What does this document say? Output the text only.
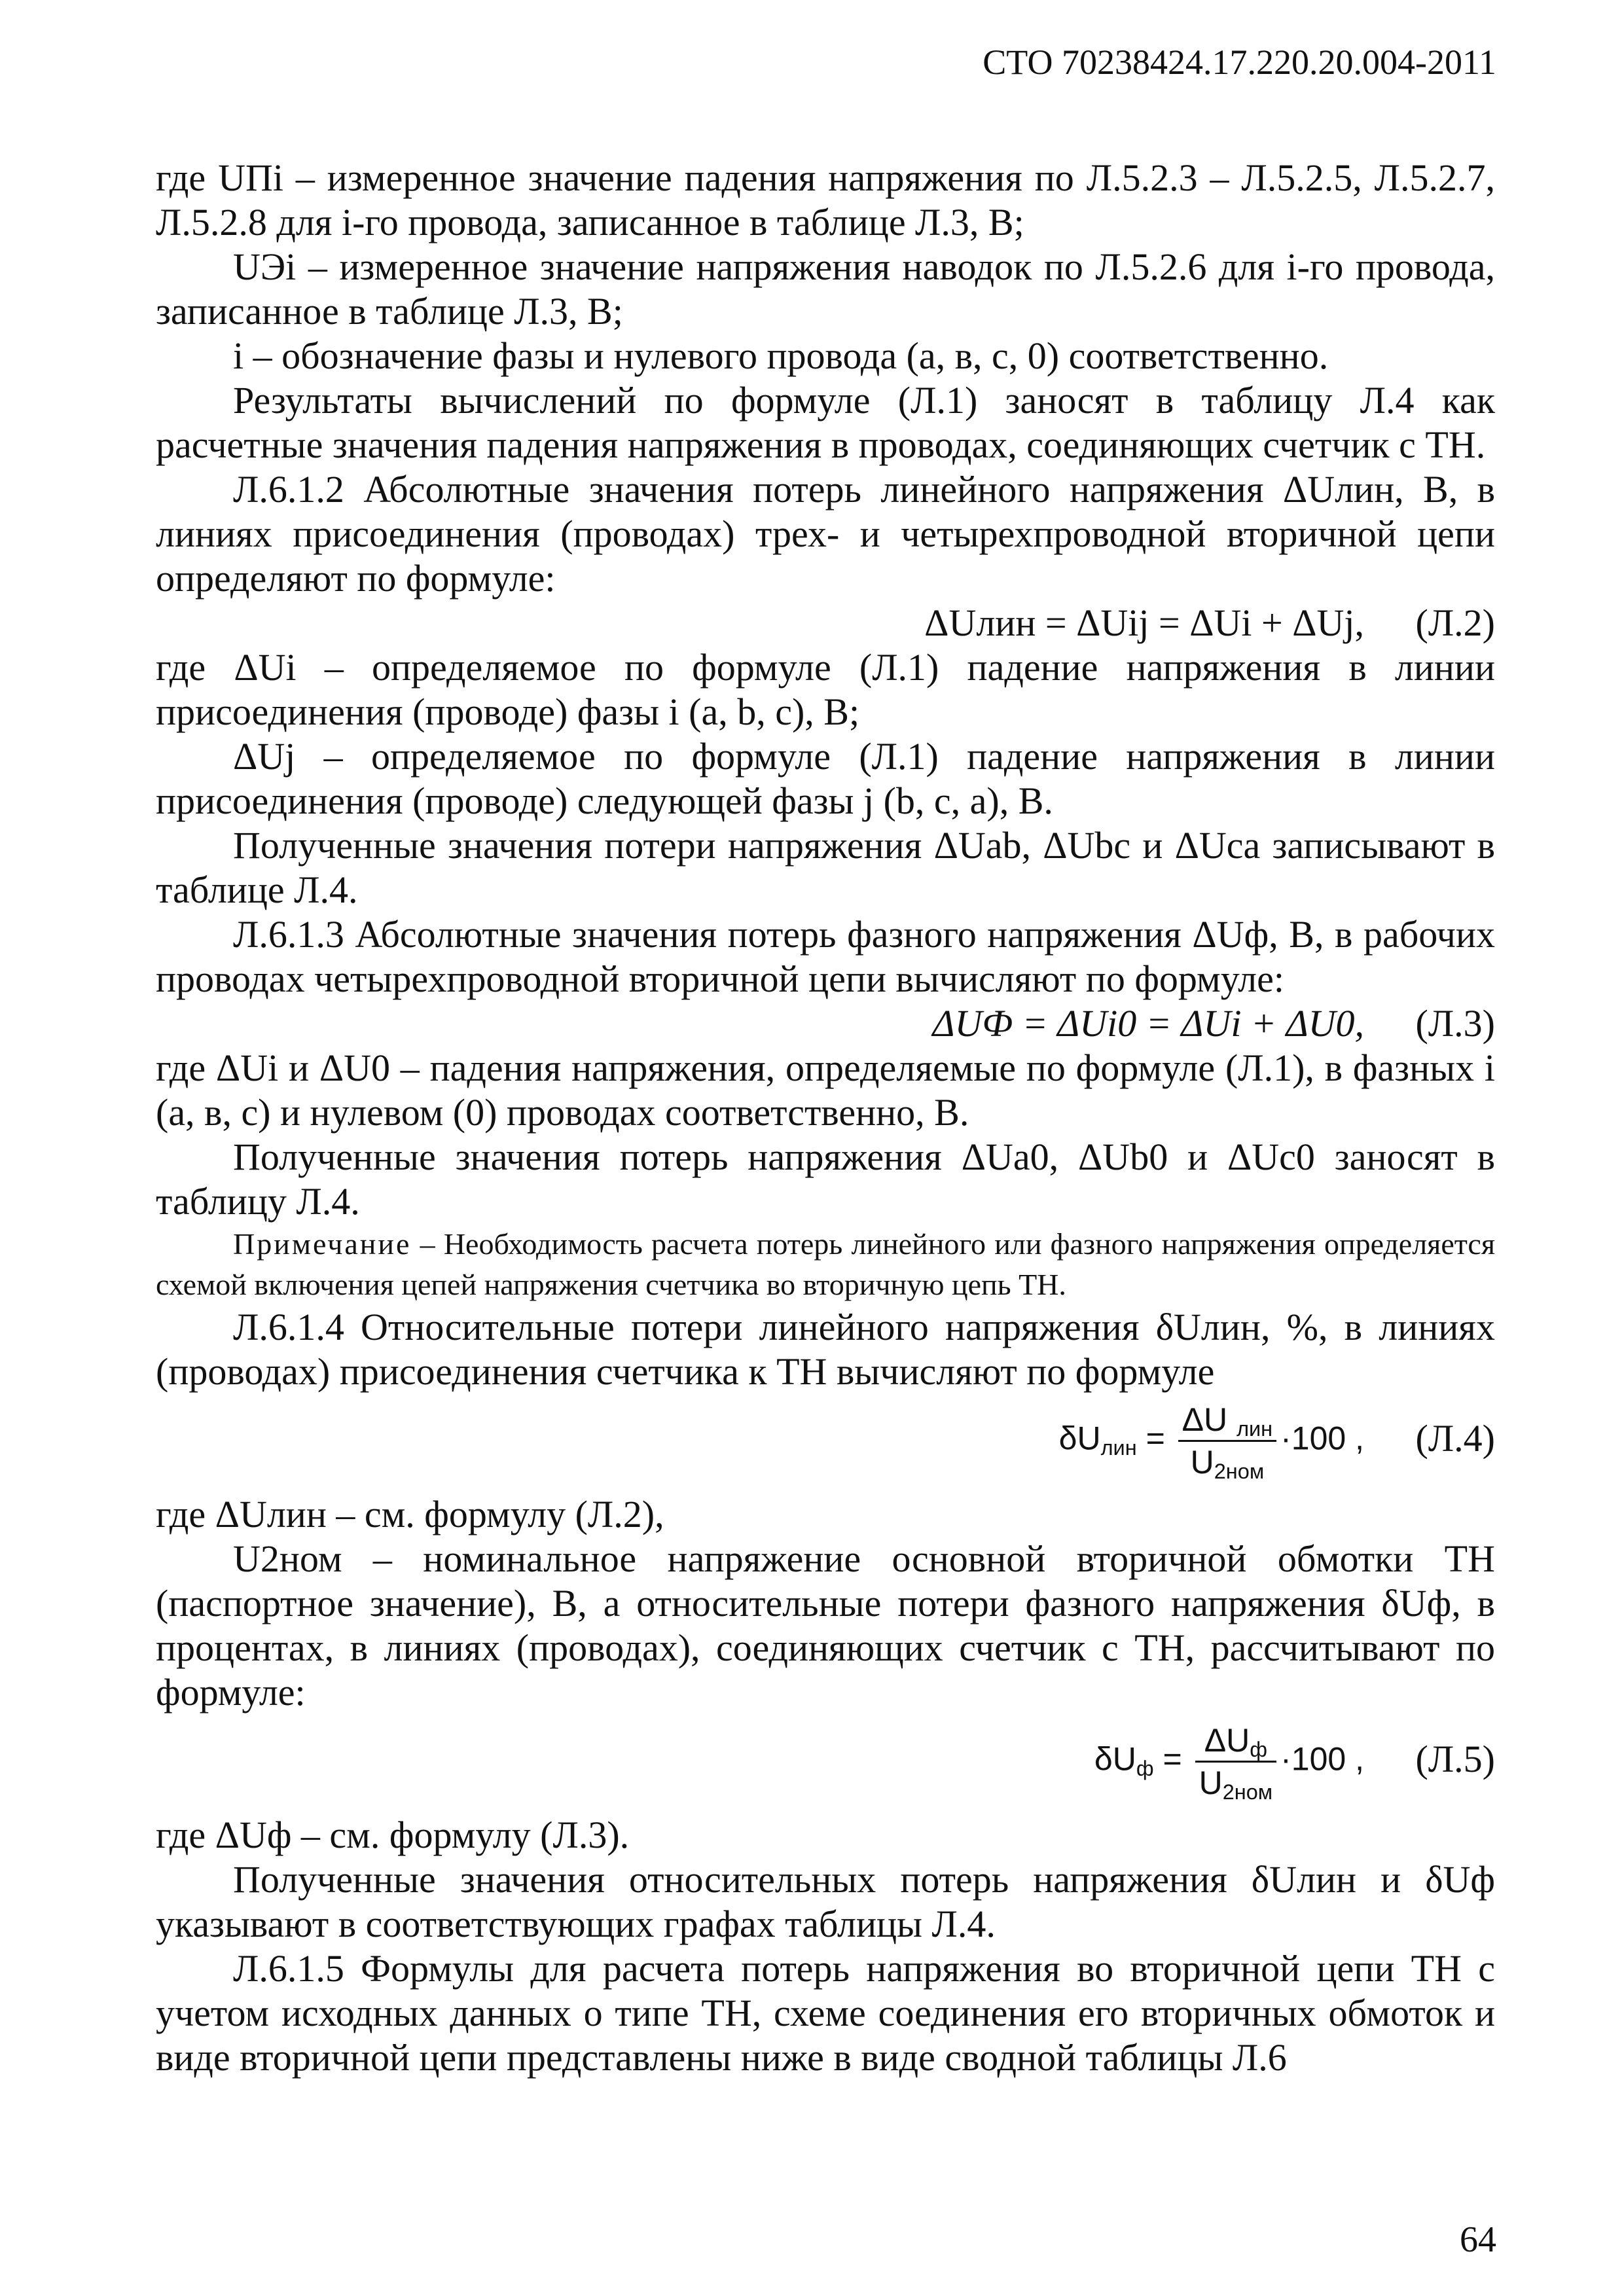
СТО 70238424.17.220.20.004-2011

где UПi – измеренное значение падения напряжения по Л.5.2.3 – Л.5.2.5, Л.5.2.7, Л.5.2.8 для i-го провода, записанное в таблице Л.3, В;

UЭi – измеренное значение напряжения наводок по Л.5.2.6 для i-го провода, записанное в таблице Л.3, В;

i – обозначение фазы и нулевого провода (a, в, c, 0) соответственно.

Результаты вычислений по формуле (Л.1) заносят в таблицу Л.4 как расчетные значения падения напряжения в проводах, соединяющих счетчик с ТН.

Л.6.1.2 Абсолютные значения потерь линейного напряжения ΔUлин, В, в линиях присоединения (проводах) трех- и четырехпроводной вторичной цепи определяют по формуле:

ΔUлин = ΔUij = ΔUi + ΔUj, (Л.2)

где ΔUi – определяемое по формуле (Л.1) падение напряжения в линии присоединения (проводе) фазы i (a, b, c), В;

ΔUj – определяемое по формуле (Л.1) падение напряжения в линии присоединения (проводе) следующей фазы j (b, c, a), В.

Полученные значения потери напряжения ΔUab, ΔUbc и ΔUca записывают в таблице Л.4.

Л.6.1.3 Абсолютные значения потерь фазного напряжения ΔUф, В, в рабочих проводах четырехпроводной вторичной цепи вычисляют по формуле:

ΔUФ = ΔUi0 = ΔUi + ΔU0, (Л.3)

где ΔUi и ΔU0 – падения напряжения, определяемые по формуле (Л.1), в фазных i (a, в, c) и нулевом (0) проводах соответственно, В.

Полученные значения потерь напряжения ΔUa0, ΔUb0 и ΔUc0 заносят в таблицу Л.4.

Примечание – Необходимость расчета потерь линейного или фазного напряжения определяется схемой включения цепей напряжения счетчика во вторичную цепь ТН.

Л.6.1.4 Относительные потери линейного напряжения δUлин, %, в линиях (проводах) присоединения счетчика к ТН вычисляют по формуле

$\delta U_{лин} = \frac{\Delta U _{лин}}{U_{2ном}} \cdot 100$ , (Л.4)

где ΔUлин – см. формулу (Л.2),

U2ном – номинальное напряжение основной вторичной обмотки ТН (паспортное значение), В, а относительные потери фазного напряжения δUф, в процентах, в линиях (проводах), соединяющих счетчик с ТН, рассчитывают по формуле:

$\delta U_ф = \frac{\Delta U_ф}{U_{2ном}} \cdot 100$ , (Л.5)

где ΔUф – см. формулу (Л.3).

Полученные значения относительных потерь напряжения δUлин и δUф указывают в соответствующих графах таблицы Л.4.

Л.6.1.5 Формулы для расчета потерь напряжения во вторичной цепи ТН с учетом исходных данных о типе ТН, схеме соединения его вторичных обмоток и виде вторичной цепи представлены ниже в виде сводной таблицы Л.6

64
